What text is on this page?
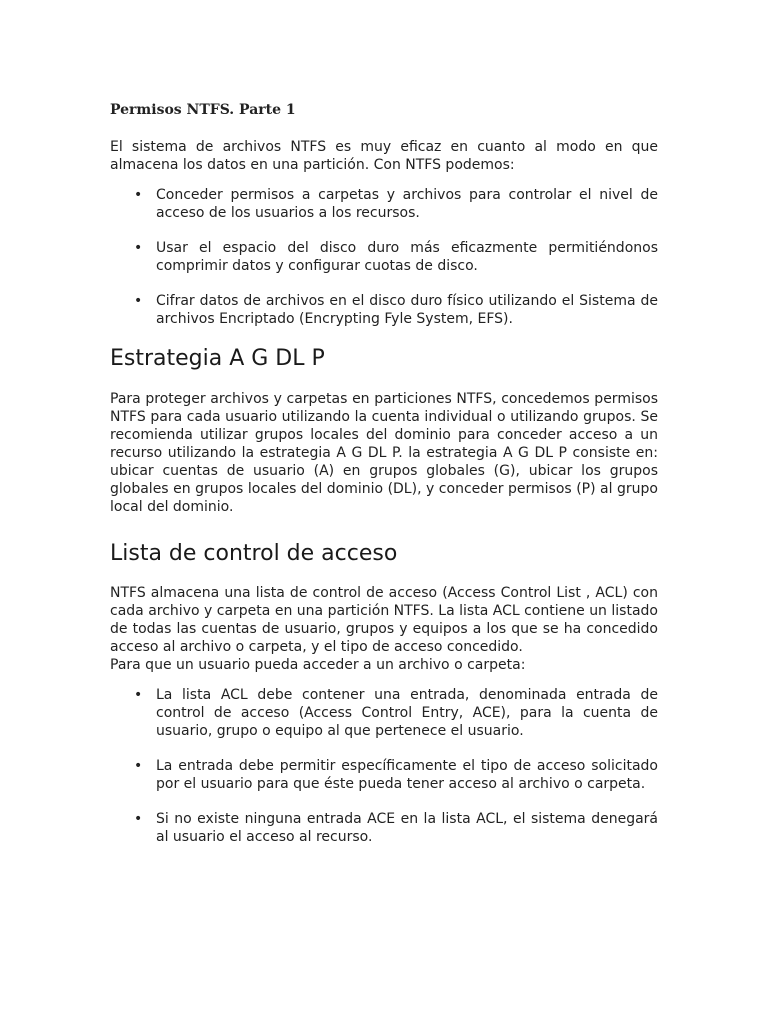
Permisos NTFS. Parte 1

El sistema de archivos NTFS es muy eficaz en cuanto al modo en que almacena los datos en una partición. Con NTFS podemos:

• Conceder permisos a carpetas y archivos para controlar el nivel de acceso de los usuarios a los recursos.
• Usar el espacio del disco duro más eficazmente permitiéndonos comprimir datos y configurar cuotas de disco.
• Cifrar datos de archivos en el disco duro físico utilizando el Sistema de archivos Encriptado (Encrypting Fyle System, EFS).
Estrategia A G DL P

Para proteger archivos y carpetas en particiones NTFS, concedemos permisos NTFS para cada usuario utilizando la cuenta individual o utilizando grupos. Se recomienda utilizar grupos locales del dominio para conceder acceso a un recurso utilizando la estrategia A G DL P. la estrategia A G DL P consiste en: ubicar cuentas de usuario (A) en grupos globales (G), ubicar los grupos globales en grupos locales del dominio (DL), y conceder permisos (P) al grupo local del dominio.

Lista de control de acceso

NTFS almacena una lista de control de acceso (Access Control List , ACL) con cada archivo y carpeta en una partición NTFS. La lista ACL contiene un listado de todas las cuentas de usuario, grupos y equipos a los que se ha concedido acceso al archivo o carpeta, y el tipo de acceso concedido.

Para que un usuario pueda acceder a un archivo o carpeta:

• La lista ACL debe contener una entrada, denominada entrada de control de acceso (Access Control Entry, ACE), para la cuenta de usuario, grupo o equipo al que pertenece el usuario.
• La entrada debe permitir específicamente el tipo de acceso solicitado por el usuario para que éste pueda tener acceso al archivo o carpeta.
• Si no existe ninguna entrada ACE en la lista ACL, el sistema denegará al usuario el acceso al recurso.
